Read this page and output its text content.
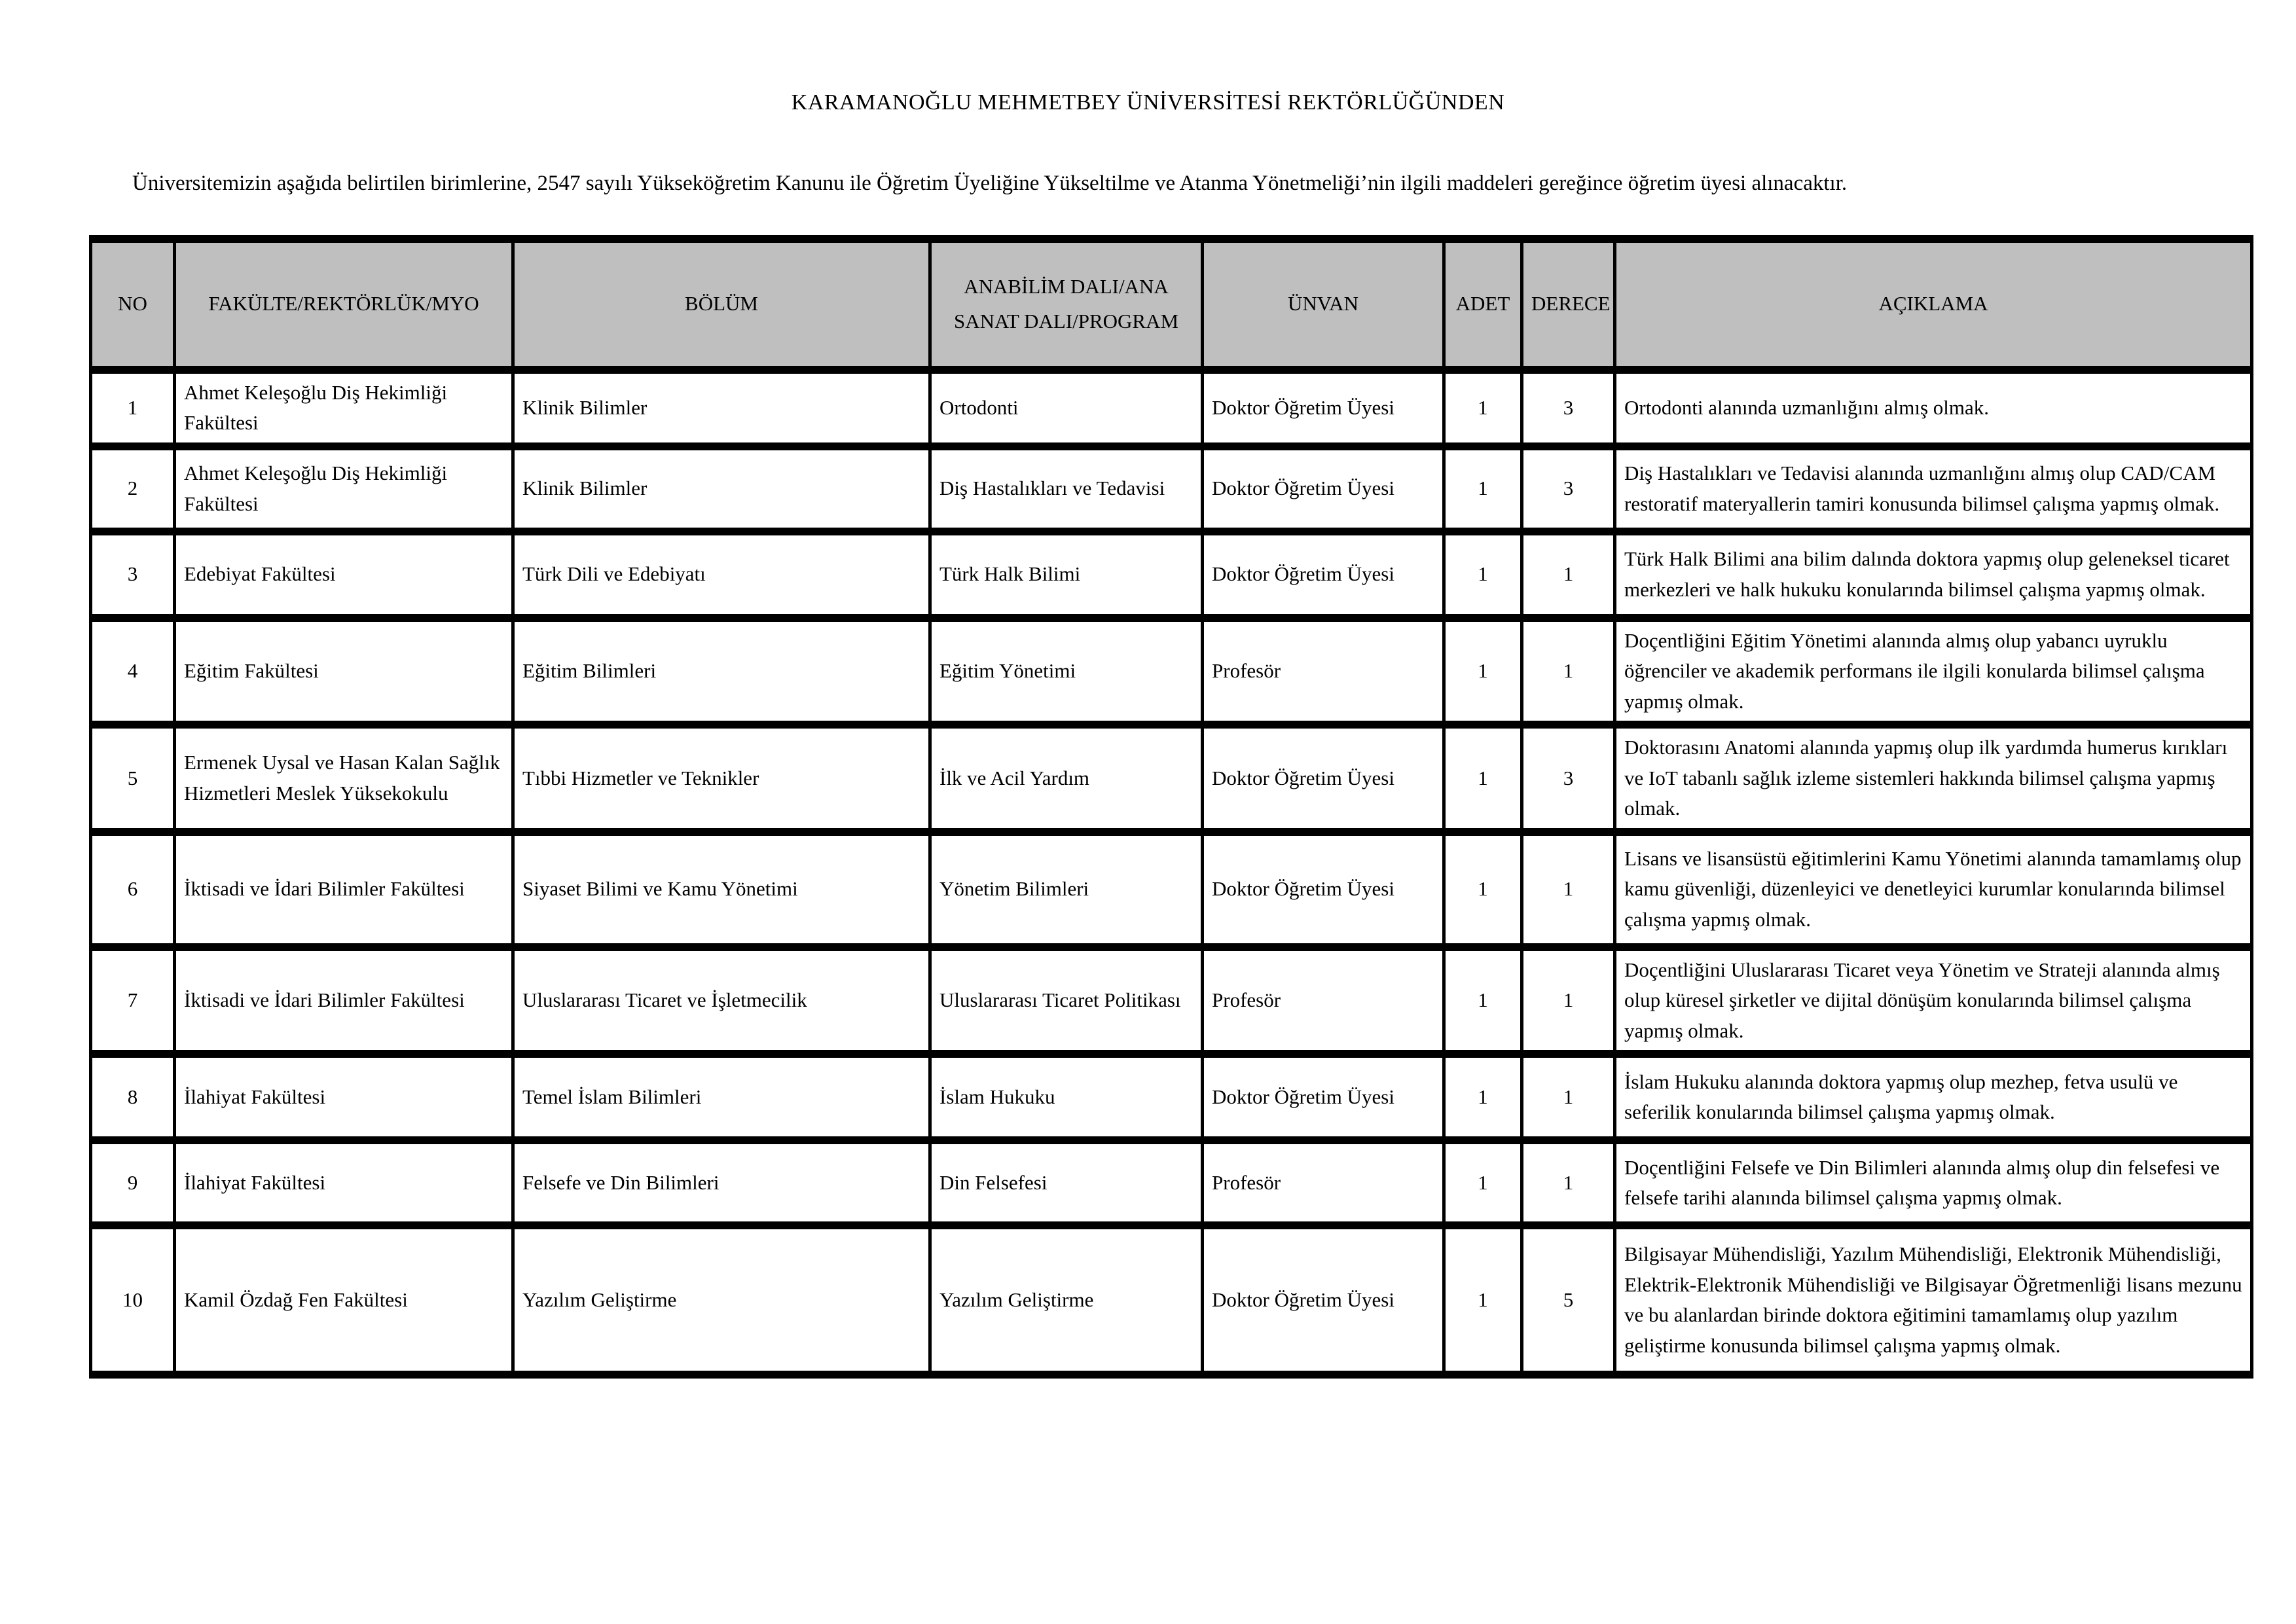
KARAMANOĞLU MEHMETBEY ÜNİVERSİTESİ REKTÖRLÜĞÜNDEN

Üniversitemizin aşağıda belirtilen birimlerine, 2547 sayılı Yükseköğretim Kanunu ile Öğretim Üyeliğine Yükseltilme ve Atanma Yönetmeliği’nin ilgili maddeleri gereğince öğretim üyesi alınacaktır.

NO	FAKÜLTE/REKTÖRLÜK/MYO	BÖLÜM	ANABİLİM DALI/ANA SANAT DALI/PROGRAM	ÜNVAN	ADET	DERECE	AÇIKLAMA
1	Ahmet Keleşoğlu Diş Hekimliği Fakültesi	Klinik Bilimler	Ortodonti	Doktor Öğretim Üyesi	1	3	Ortodonti alanında uzmanlığını almış olmak.
2	Ahmet Keleşoğlu Diş Hekimliği Fakültesi	Klinik Bilimler	Diş Hastalıkları ve Tedavisi	Doktor Öğretim Üyesi	1	3	Diş Hastalıkları ve Tedavisi alanında uzmanlığını almış olup CAD/CAM restoratif materyallerin tamiri konusunda bilimsel çalışma yapmış olmak.
3	Edebiyat Fakültesi	Türk Dili ve Edebiyatı	Türk Halk Bilimi	Doktor Öğretim Üyesi	1	1	Türk Halk Bilimi ana bilim dalında doktora yapmış olup geleneksel ticaret merkezleri ve halk hukuku konularında bilimsel çalışma yapmış olmak.
4	Eğitim Fakültesi	Eğitim Bilimleri	Eğitim Yönetimi	Profesör	1	1	Doçentliğini Eğitim Yönetimi alanında almış olup yabancı uyruklu öğrenciler ve akademik performans ile ilgili konularda bilimsel çalışma yapmış olmak.
5	Ermenek Uysal ve Hasan Kalan Sağlık Hizmetleri Meslek Yüksekokulu	Tıbbi Hizmetler ve Teknikler	İlk ve Acil Yardım	Doktor Öğretim Üyesi	1	3	Doktorasını Anatomi alanında yapmış olup ilk yardımda humerus kırıkları ve IoT tabanlı sağlık izleme sistemleri hakkında bilimsel çalışma yapmış olmak.
6	İktisadi ve İdari Bilimler Fakültesi	Siyaset Bilimi ve Kamu Yönetimi	Yönetim Bilimleri	Doktor Öğretim Üyesi	1	1	Lisans ve lisansüstü eğitimlerini Kamu Yönetimi alanında tamamlamış olup kamu güvenliği, düzenleyici ve denetleyici kurumlar konularında bilimsel çalışma yapmış olmak.
7	İktisadi ve İdari Bilimler Fakültesi	Uluslararası Ticaret ve İşletmecilik	Uluslararası Ticaret Politikası	Profesör	1	1	Doçentliğini Uluslararası Ticaret veya Yönetim ve Strateji alanında almış olup küresel şirketler ve dijital dönüşüm konularında bilimsel çalışma yapmış olmak.
8	İlahiyat Fakültesi	Temel İslam Bilimleri	İslam Hukuku	Doktor Öğretim Üyesi	1	1	İslam Hukuku alanında doktora yapmış olup mezhep, fetva usulü ve seferilik konularında bilimsel çalışma yapmış olmak.
9	İlahiyat Fakültesi	Felsefe ve Din Bilimleri	Din Felsefesi	Profesör	1	1	Doçentliğini Felsefe ve Din Bilimleri alanında almış olup din felsefesi ve felsefe tarihi alanında bilimsel çalışma yapmış olmak.
10	Kamil Özdağ Fen Fakültesi	Yazılım Geliştirme	Yazılım Geliştirme	Doktor Öğretim Üyesi	1	5	Bilgisayar Mühendisliği, Yazılım Mühendisliği, Elektronik Mühendisliği, Elektrik-Elektronik Mühendisliği ve Bilgisayar Öğretmenliği lisans mezunu ve bu alanlardan birinde doktora eğitimini tamamlamış olup yazılım geliştirme konusunda bilimsel çalışma yapmış olmak.
